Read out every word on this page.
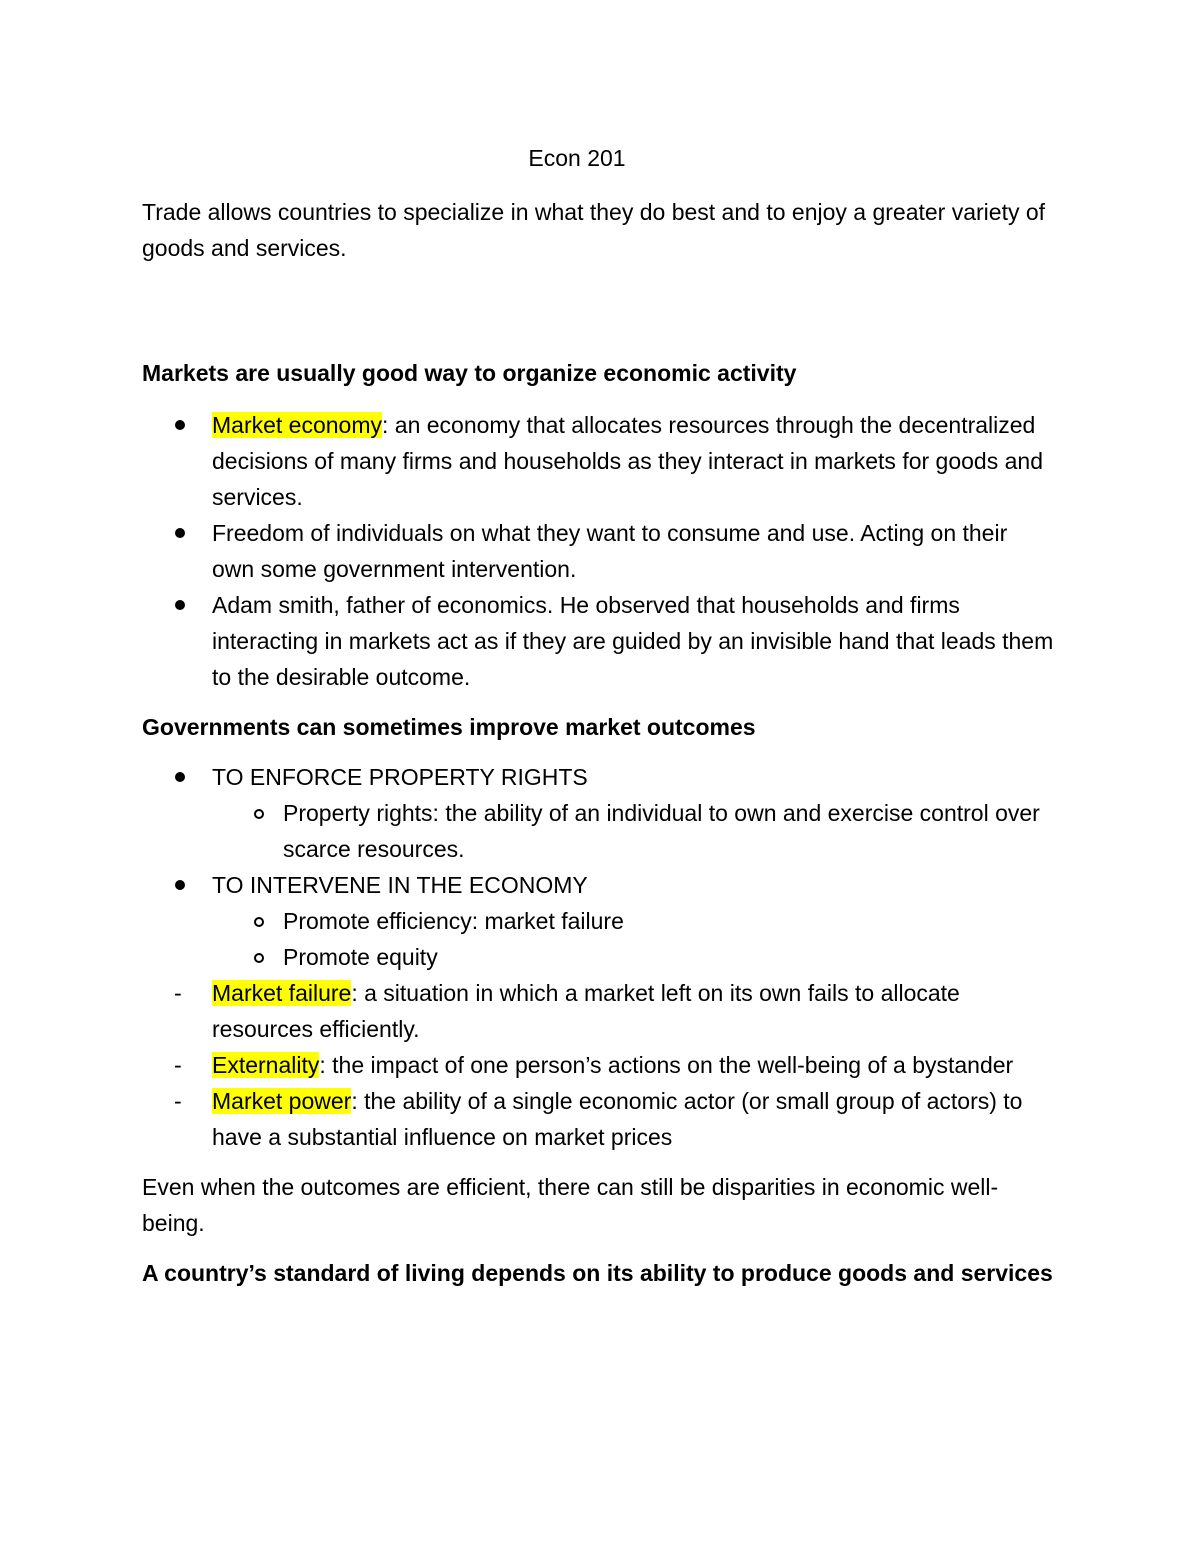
Econ 201

Trade allows countries to specialize in what they do best and to enjoy a greater variety of goods and services.

Markets are usually good way to organize economic activity

Market economy: an economy that allocates resources through the decentralized decisions of many firms and households as they interact in markets for goods and services.
Freedom of individuals on what they want to consume and use. Acting on their own some government intervention.
Adam smith, father of economics. He observed that households and firms interacting in markets act as if they are guided by an invisible hand that leads them to the desirable outcome.

Governments can sometimes improve market outcomes

TO ENFORCE PROPERTY RIGHTS
Property rights: the ability of an individual to own and exercise control over scarce resources.
TO INTERVENE IN THE ECONOMY
Promote efficiency: market failure
Promote equity
- Market failure: a situation in which a market left on its own fails to allocate resources efficiently.
- Externality: the impact of one person’s actions on the well-being of a bystander
- Market power: the ability of a single economic actor (or small group of actors) to have a substantial influence on market prices

Even when the outcomes are efficient, there can still be disparities in economic well-being.

A country’s standard of living depends on its ability to produce goods and services
